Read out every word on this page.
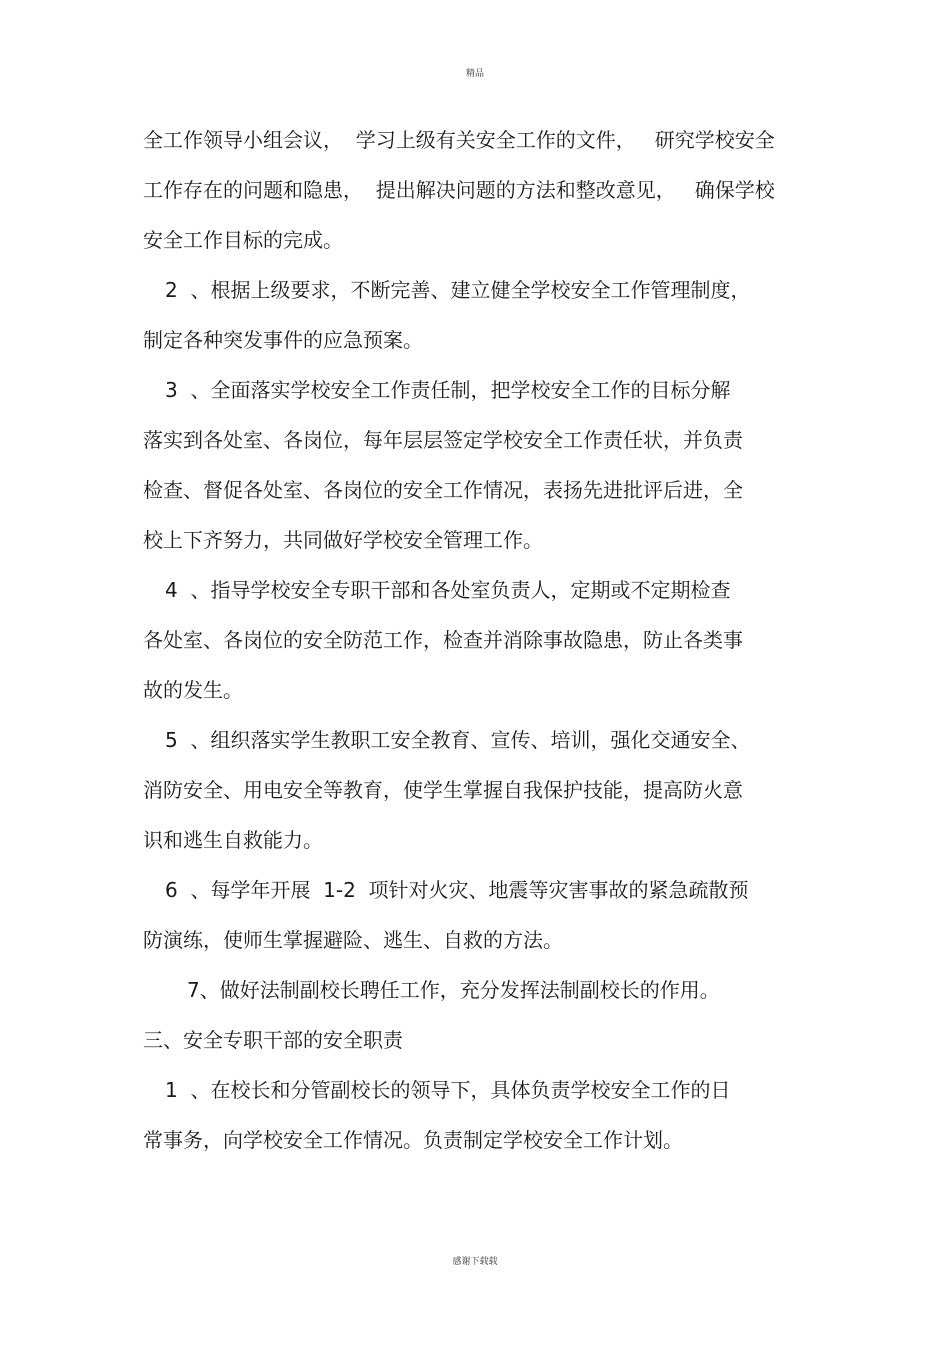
精品
全工作领导小组会议，  学习上级有关安全工作的文件，   研究学校安全
工作存在的问题和隐患，  提出解决问题的方法和整改意见，   确保学校
安全工作目标的完成。
2  、根据上级要求，不断完善、建立健全学校安全工作管理制度，
制定各种突发事件的应急预案。
3  、全面落实学校安全工作责任制，把学校安全工作的目标分解
落实到各处室、各岗位，每年层层签定学校安全工作责任状，并负责
检查、督促各处室、各岗位的安全工作情况，表扬先进批评后进，全
校上下齐努力，共同做好学校安全管理工作。
4  、指导学校安全专职干部和各处室负责人，定期或不定期检查
各处室、各岗位的安全防范工作，检查并消除事故隐患，防止各类事
故的发生。
5  、组织落实学生教职工安全教育、宣传、培训，强化交通安全、
消防安全、用电安全等教育，使学生掌握自我保护技能，提高防火意
识和逃生自救能力。
6  、每学年开展  1-2  项针对火灾、地震等灾害事故的紧急疏散预
防演练，使师生掌握避险、逃生、自救的方法。
7、做好法制副校长聘任工作，充分发挥法制副校长的作用。
三、安全专职干部的安全职责
1  、在校长和分管副校长的领导下，具体负责学校安全工作的日
常事务，向学校安全工作情况。负责制定学校安全工作计划。
感谢下载载
